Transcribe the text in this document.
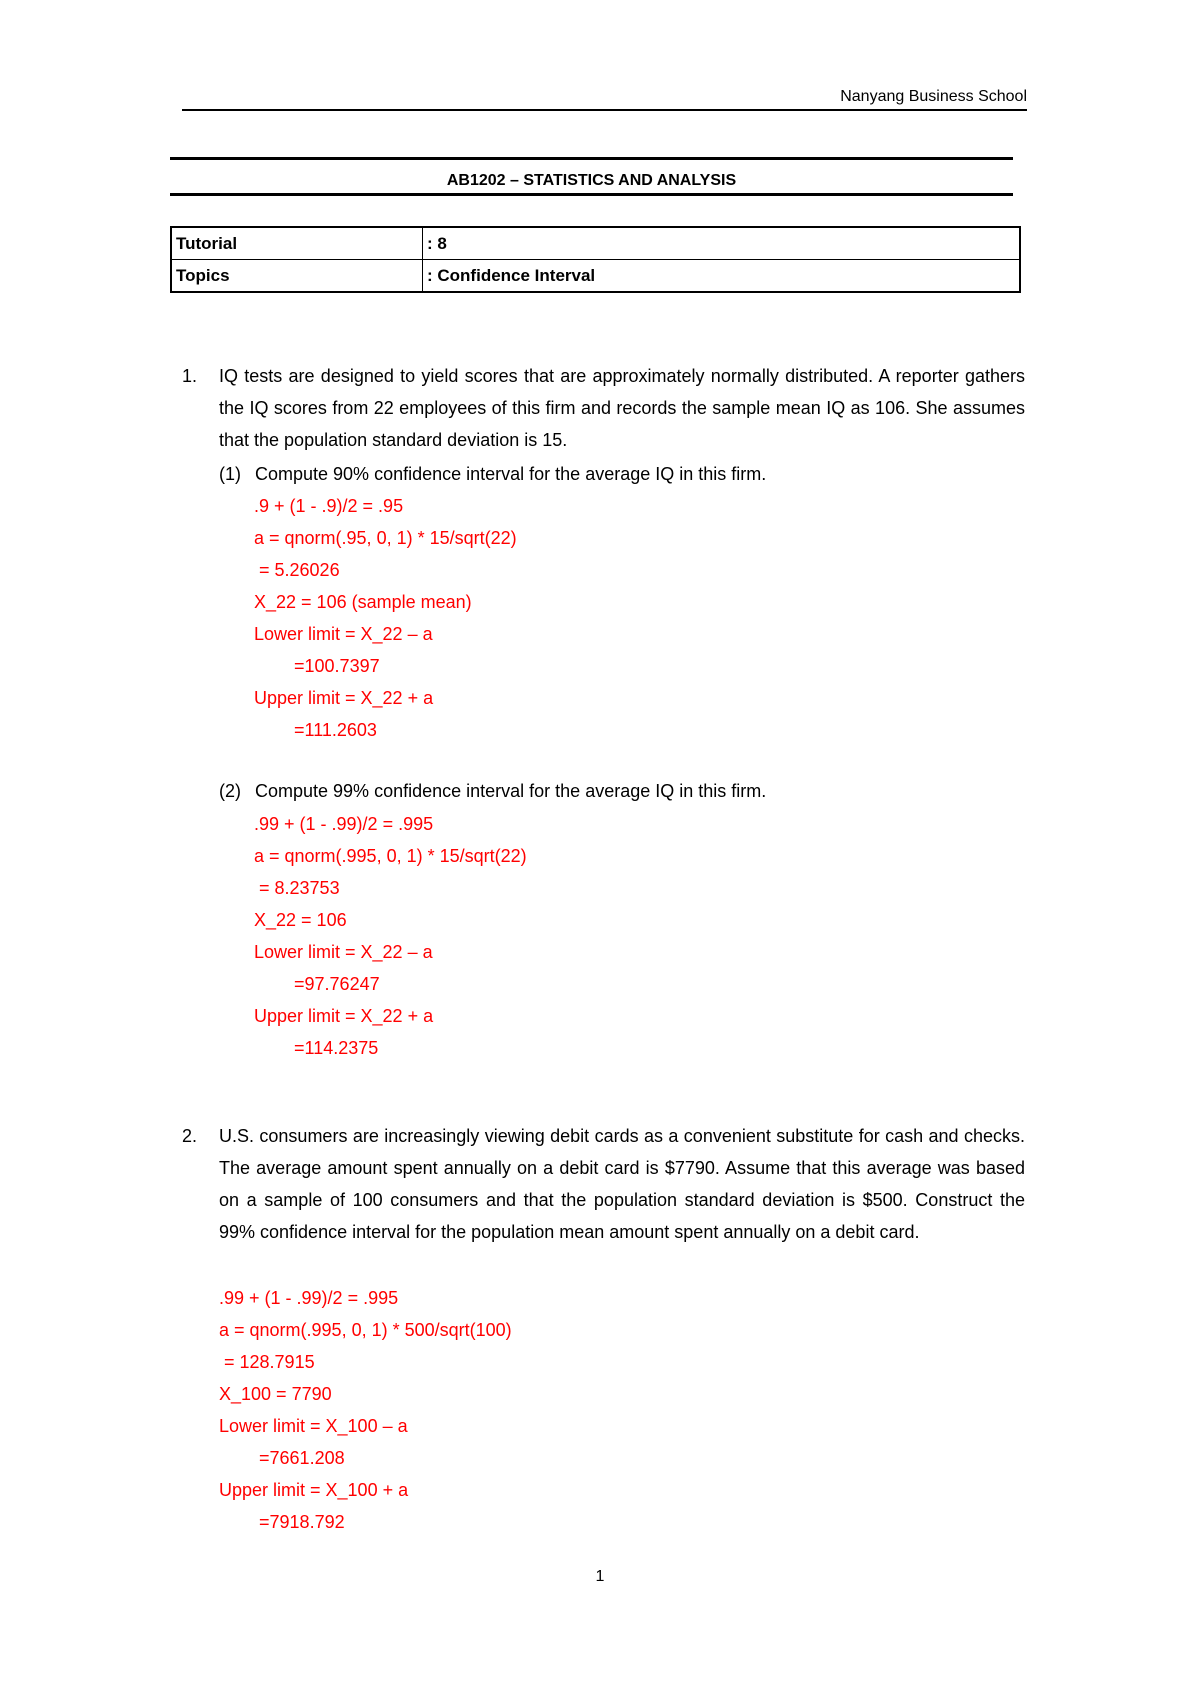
Nanyang Business School
AB1202 – STATISTICS AND ANALYSIS
Tutorial	: 8
Topics	: Confidence Interval
1. IQ tests are designed to yield scores that are approximately normally distributed. A reporter gathers the IQ scores from 22 employees of this firm and records the sample mean IQ as 106. She assumes that the population standard deviation is 15.
(1) Compute 90% confidence interval for the average IQ in this firm.
.9 + (1 - .9)/2 = .95
a = qnorm(.95, 0, 1) * 15/sqrt(22)
= 5.26026
X_22 = 106 (sample mean)
Lower limit = X_22 – a
=100.7397
Upper limit = X_22 + a
=111.2603
(2) Compute 99% confidence interval for the average IQ in this firm.
.99 + (1 - .99)/2 = .995
a = qnorm(.995, 0, 1) * 15/sqrt(22)
= 8.23753
X_22 = 106
Lower limit = X_22 – a
=97.76247
Upper limit = X_22 + a
=114.2375
2. U.S. consumers are increasingly viewing debit cards as a convenient substitute for cash and checks. The average amount spent annually on a debit card is $7790. Assume that this average was based on a sample of 100 consumers and that the population standard deviation is $500. Construct the 99% confidence interval for the population mean amount spent annually on a debit card.
.99 + (1 - .99)/2 = .995
a = qnorm(.995, 0, 1) * 500/sqrt(100)
= 128.7915
X_100 = 7790
Lower limit = X_100 – a
=7661.208
Upper limit = X_100 + a
=7918.792
1
